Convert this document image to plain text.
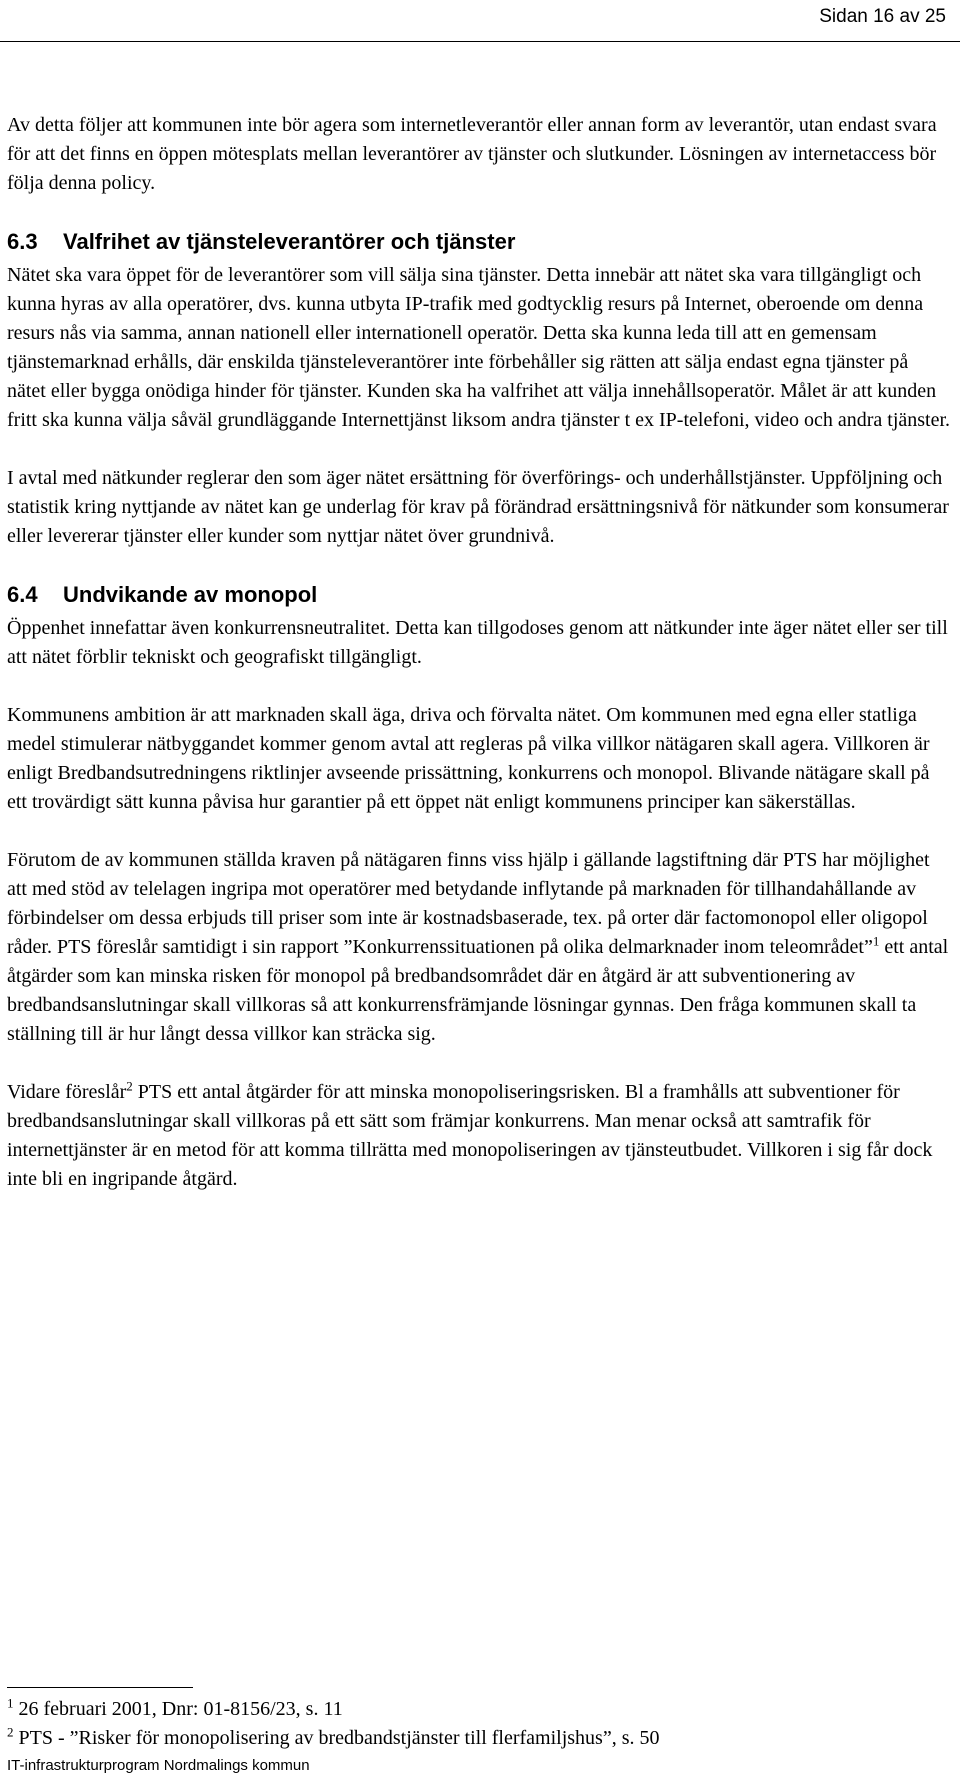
Sidan 16 av 25

Av detta följer att kommunen inte bör agera som internetleverantör eller annan form av leverantör, utan endast svara för att det finns en öppen mötesplats mellan leverantörer av tjänster och slutkunder. Lösningen av internetaccess bör följa denna policy.

6.3 Valfrihet av tjänsteleverantörer och tjänster

Nätet ska vara öppet för de leverantörer som vill sälja sina tjänster. Detta innebär att nätet ska vara tillgängligt och kunna hyras av alla operatörer, dvs. kunna utbyta IP-trafik med godtycklig resurs på Internet, oberoende om denna resurs nås via samma, annan nationell eller internationell operatör. Detta ska kunna leda till att en gemensam tjänstemarknad erhålls, där enskilda tjänsteleverantörer inte förbehåller sig rätten att sälja endast egna tjänster på nätet eller bygga onödiga hinder för tjänster. Kunden ska ha valfrihet att välja innehållsoperatör. Målet är att kunden fritt ska kunna välja såväl grundläggande Internettjänst liksom andra tjänster t ex IP-telefoni, video och andra tjänster.

I avtal med nätkunder reglerar den som äger nätet ersättning för överförings- och underhållstjänster. Uppföljning och statistik kring nyttjande av nätet kan ge underlag för krav på förändrad ersättningsnivå för nätkunder som konsumerar eller levererar tjänster eller kunder som nyttjar nätet över grundnivå.

6.4 Undvikande av monopol

Öppenhet innefattar även konkurrensneutralitet. Detta kan tillgodoses genom att nätkunder inte äger nätet eller ser till att nätet förblir tekniskt och geografiskt tillgängligt.

Kommunens ambition är att marknaden skall äga, driva och förvalta nätet. Om kommunen med egna eller statliga medel stimulerar nätbyggandet kommer genom avtal att regleras på vilka villkor nätägaren skall agera. Villkoren är enligt Bredbandsutredningens riktlinjer avseende prissättning, konkurrens och monopol. Blivande nätägare skall på ett trovärdigt sätt kunna påvisa hur garantier på ett öppet nät enligt kommunens principer kan säkerställas.

Förutom de av kommunen ställda kraven på nätägaren finns viss hjälp i gällande lagstiftning där PTS har möjlighet att med stöd av telelagen ingripa mot operatörer med betydande inflytande på marknaden för tillhandahållande av förbindelser om dessa erbjuds till priser som inte är kostnadsbaserade, tex. på orter där factomonopol eller oligopol råder. PTS föreslår samtidigt i sin rapport ”Konkurrenssituationen på olika delmarknader inom teleområdet”$^1$ ett antal åtgärder som kan minska risken för monopol på bredbandsområdet där en åtgärd är att subventionering av bredbandsanslutningar skall villkoras så att konkurrensfrämjande lösningar gynnas. Den fråga kommunen skall ta ställning till är hur långt dessa villkor kan sträcka sig.

Vidare föreslår$^2$ PTS ett antal åtgärder för att minska monopoliseringsrisken. Bl a framhålls att subventioner för bredbandsanslutningar skall villkoras på ett sätt som främjar konkurrens. Man menar också att samtrafik för internettjänster är en metod för att komma tillrätta med monopoliseringen av tjänsteutbudet. Villkoren i sig får dock inte bli en ingripande åtgärd.

$^1$ 26 februari 2001, Dnr: 01-8156/23, s. 11

$^2$ PTS - ”Risker för monopolisering av bredbandstjänster till flerfamiljshus”, s. 50

IT-infrastrukturprogram Nordmalings kommun
